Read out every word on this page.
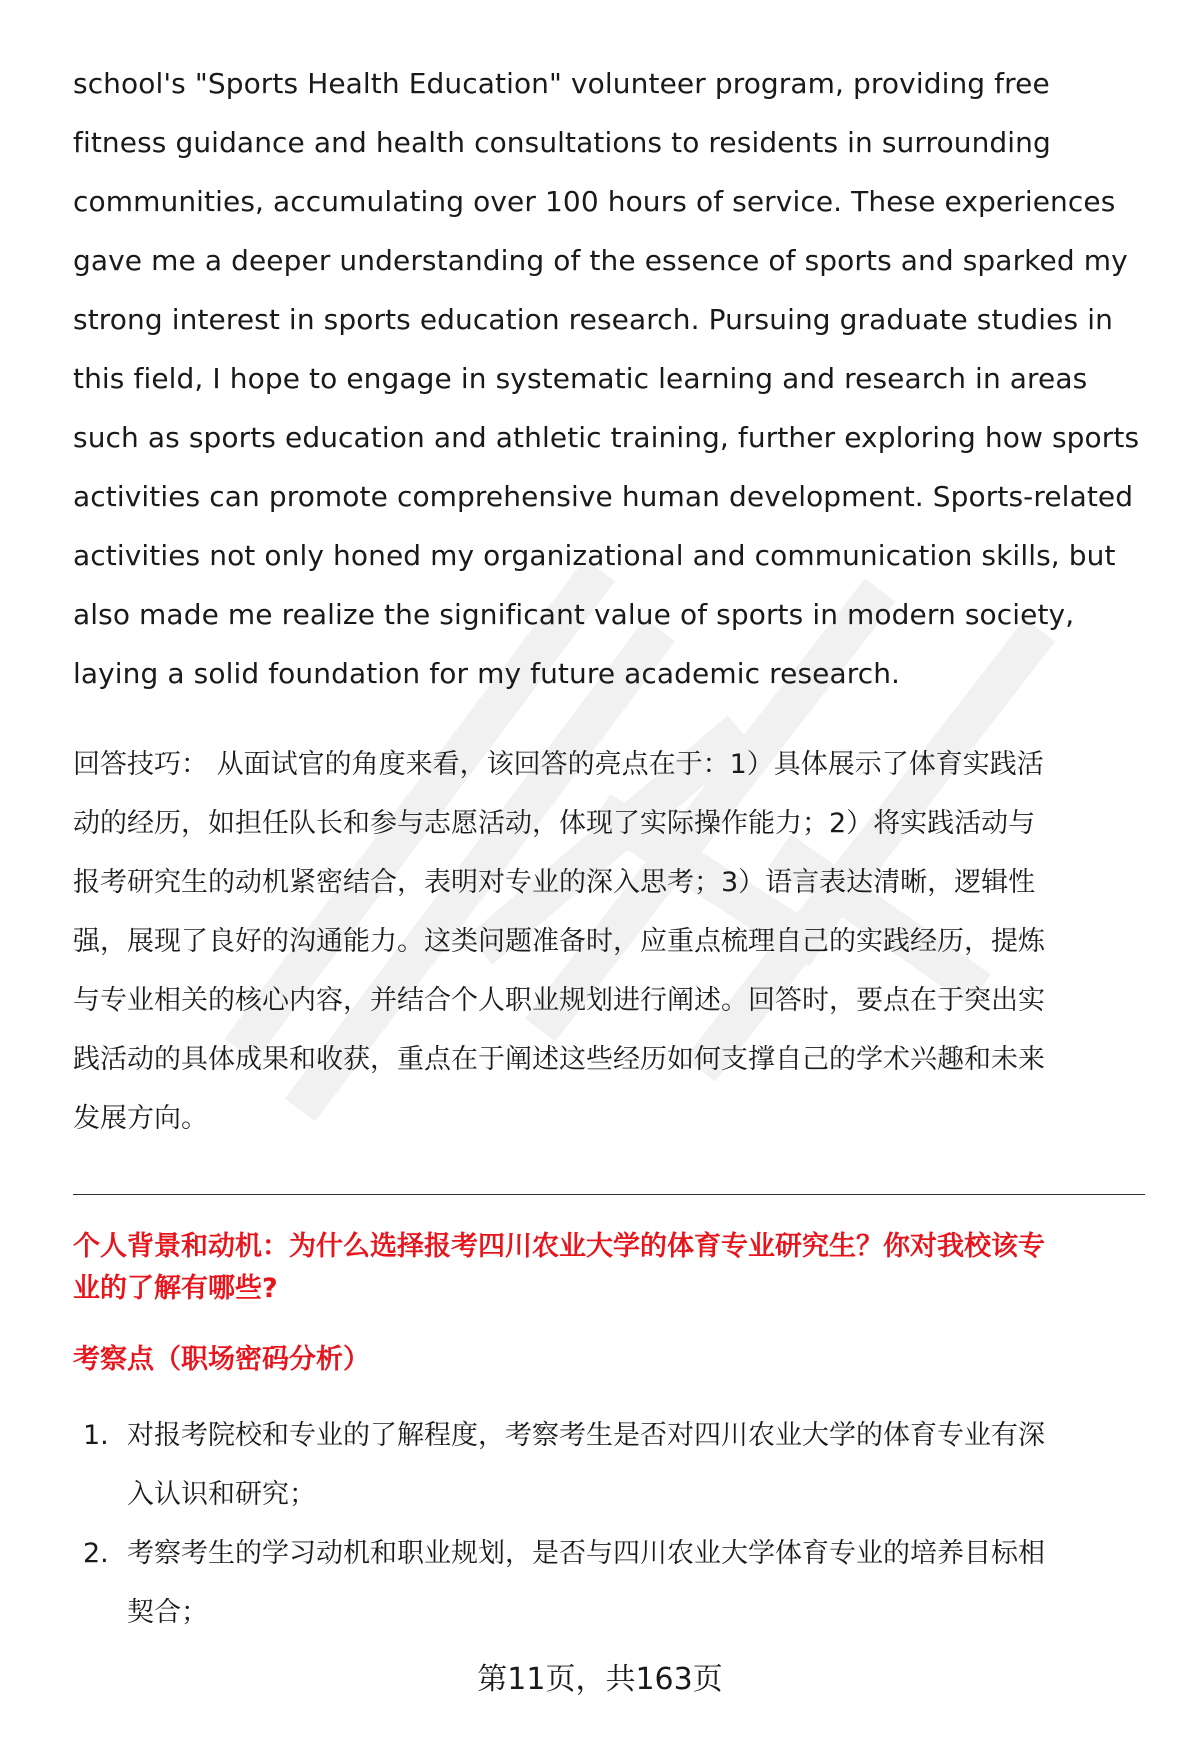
school's "Sports Health Education" volunteer program, providing free
fitness guidance and health consultations to residents in surrounding
communities, accumulating over 100 hours of service. These experiences
gave me a deeper understanding of the essence of sports and sparked my
strong interest in sports education research. Pursuing graduate studies in
this field, I hope to engage in systematic learning and research in areas
such as sports education and athletic training, further exploring how sports
activities can promote comprehensive human development. Sports-related
activities not only honed my organizational and communication skills, but
also made me realize the significant value of sports in modern society,
laying a solid foundation for my future academic research.
回答技巧： 从面试官的角度来看，该回答的亮点在于：1）具体展示了体育实践活
动的经历，如担任队长和参与志愿活动，体现了实际操作能力；2）将实践活动与
报考研究生的动机紧密结合，表明对专业的深入思考；3）语言表达清晰，逻辑性
强，展现了良好的沟通能力。这类问题准备时，应重点梳理自己的实践经历，提炼
与专业相关的核心内容，并结合个人职业规划进行阐述。回答时，要点在于突出实
践活动的具体成果和收获，重点在于阐述这些经历如何支撑自己的学术兴趣和未来
发展方向。
个人背景和动机：为什么选择报考四川农业大学的体育专业研究生？你对我校该专
业的了解有哪些?
考察点（职场密码分析）
1. 对报考院校和专业的了解程度，考察考生是否对四川农业大学的体育专业有深
入认识和研究；
2. 考察考生的学习动机和职业规划，是否与四川农业大学体育专业的培养目标相
契合；
第11页，共163页
